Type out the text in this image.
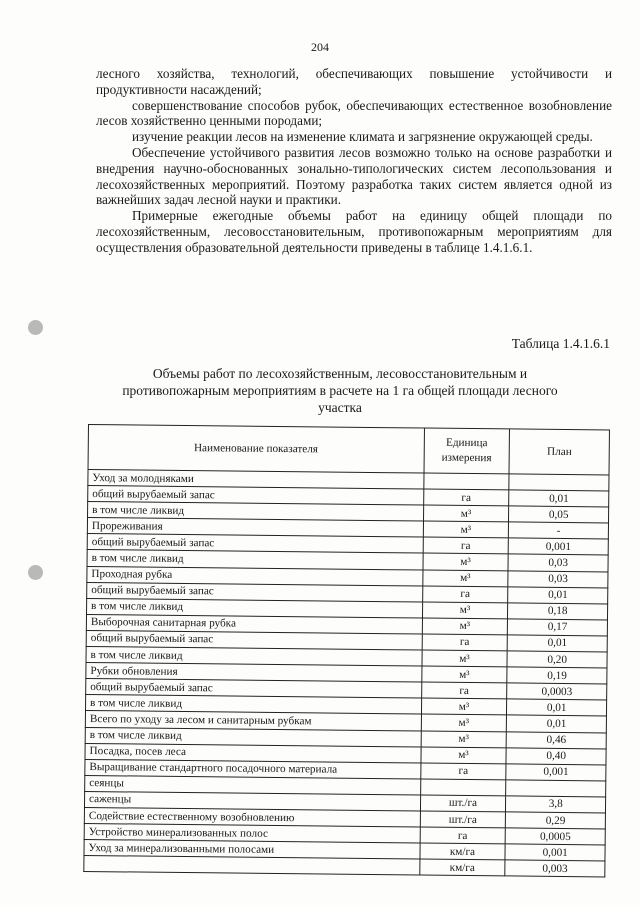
204

лесного хозяйства, технологий, обеспечивающих повышение устойчивости и продуктивности насаждений;

совершенствование способов рубок, обеспечивающих естественное возобновление лесов хозяйственно ценными породами;

изучение реакции лесов на изменение климата и загрязнение окружающей среды.

Обеспечение устойчивого развития лесов возможно только на основе разработки и внедрения научно-обоснованных зонально-типологических систем лесопользования и лесохозяйственных мероприятий. Поэтому разработка таких систем является одной из важнейших задач лесной науки и практики.

Примерные ежегодные объемы работ на единицу общей площади по лесохозяйственным, лесовосстановительным, противопожарным мероприятиям для осуществления образовательной деятельности приведены в таблице 1.4.1.6.1.

Таблица 1.4.1.6.1
Объемы работ по лесохозяйственным, лесовосстановительным и противопожарным мероприятиям в расчете на 1 га общей площади лесного участка
Наименование показателя	Единица измерения	План
Уход за молодняками		
общий вырубаемый запас	га	0,01
в том числе ликвид	м³	0,05
Прореживания	м³	-
общий вырубаемый запас	га	0,001
в том числе ликвид	м³	0,03
Проходная рубка	м³	0,03
общий вырубаемый запас	га	0,01
в том числе ликвид	м³	0,18
Выборочная санитарная рубка	м³	0,17
общий вырубаемый запас	га	0,01
в том числе ликвид	м³	0,20
Рубки обновления	м³	0,19
общий вырубаемый запас	га	0,0003
в том числе ликвид	м³	0,01
Всего по уходу за лесом и санитарным рубкам	м³	0,01
в том числе ликвид	м³	0,46
Посадка, посев леса	м³	0,40
Выращивание стандартного посадочного материала	га	0,001
сеянцы		
саженцы	шт./га	3,8
Содействие естественному возобновлению	шт./га	0,29
Устройство минерализованных полос	га	0,0005
Уход за минерализованными полосами	км/га	0,001
	км/га	0,003
